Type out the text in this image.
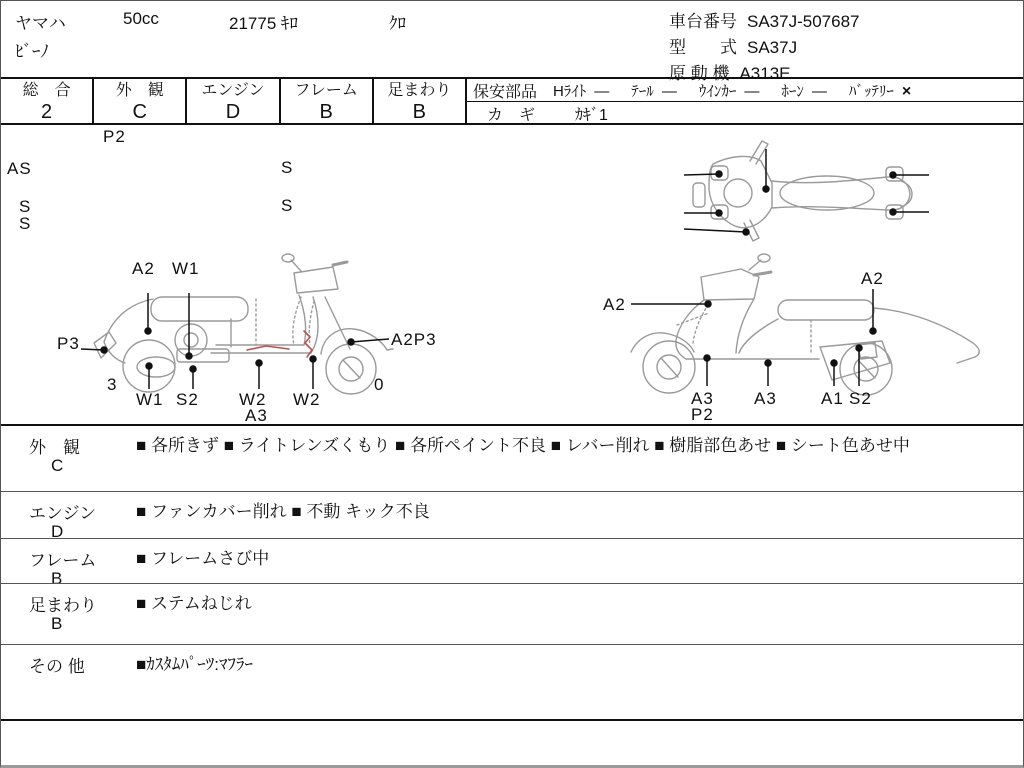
ヤマハ	50cc	21775 ｷﾛ	ｸﾛ
ﾋﾞｰﾉ
車台番号 SA37J-507687
型　　式 SA37J
原 動 機 A313E
総　合
2
外　観
C
エンジン
D
フレーム
B
足まわり
B
保安部品 Hﾗｲﾄ — ﾃｰﾙ — ｳｲﾝｶｰ — ﾎｰﾝ — ﾊﾞｯﾃﾘｰ ×
カ　ギ	ｶｷﾞ1
P2
AS
S
S
S
S
A2 W1
P3
3
W1 S2 W2
A3
W2
A2P3
0
A2
A2
A3
P2
A3	A1 S2
外　観
C
■ 各所きず ■ ライトレンズくもり ■ 各所ペイント不良 ■ レバー削れ ■ 樹脂部色あせ ■ シート色あせ中
エンジン
D
■ ファンカバー削れ ■ 不動 キック不良
フレーム
B
■ フレームさび中
足まわり
B
■ ステムねじれ
その 他	■ｶｽﾀﾑﾊﾟｰﾂ:ﾏﾌﾗｰ
